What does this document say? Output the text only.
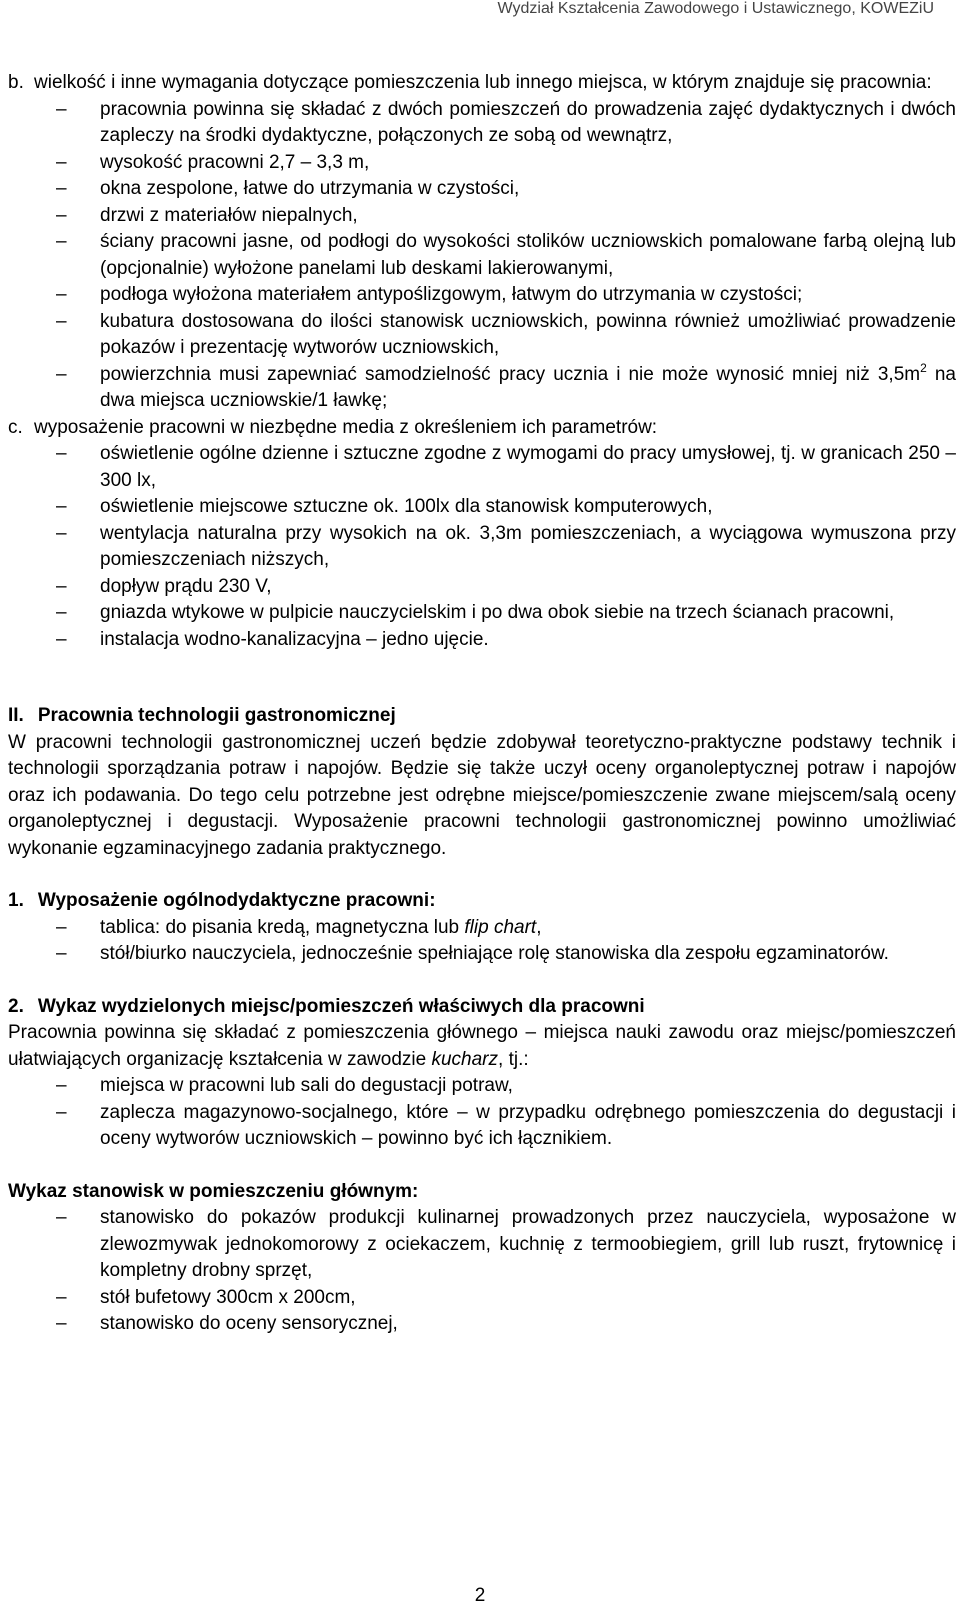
Wydział Kształcenia Zawodowego i Ustawicznego, KOWEZiU
b. wielkość i inne wymagania dotyczące pomieszczenia lub innego miejsca, w którym znajduje się pracownia:
– pracownia powinna się składać z dwóch pomieszczeń do prowadzenia zajęć dydaktycznych i dwóch zapleczy na środki dydaktyczne, połączonych ze sobą od wewnątrz,
– wysokość pracowni 2,7 – 3,3 m,
– okna zespolone, łatwe do utrzymania w czystości,
– drzwi z materiałów niepalnych,
– ściany pracowni jasne, od podłogi do wysokości stolików uczniowskich pomalowane farbą olejną lub (opcjonalnie) wyłożone panelami lub deskami lakierowanymi,
– podłoga wyłożona materiałem antypoślizgowym, łatwym do utrzymania w czystości;
– kubatura dostosowana do ilości stanowisk uczniowskich, powinna również umożliwiać prowadzenie pokazów i prezentację wytworów uczniowskich,
– powierzchnia musi zapewniać samodzielność pracy ucznia i nie może wynosić mniej niż $3,5m^2$ na dwa miejsca uczniowskie/1 ławkę;
c. wyposażenie pracowni w niezbędne media z określeniem ich parametrów:
– oświetlenie ogólne dzienne i sztuczne zgodne z wymogami do pracy umysłowej, tj. w granicach 250 – 300 lx,
– oświetlenie miejscowe sztuczne ok. 100lx dla stanowisk komputerowych,
– wentylacja naturalna przy wysokich na ok. 3,3m pomieszczeniach, a wyciągowa wymuszona przy pomieszczeniach niższych,
– dopływ prądu 230 V,
– gniazda wtykowe w pulpicie nauczycielskim i po dwa obok siebie na trzech ścianach pracowni,
– instalacja wodno-kanalizacyjna – jedno ujęcie.
II. Pracownia technologii gastronomicznej
W pracowni technologii gastronomicznej uczeń będzie zdobywał teoretyczno-praktyczne podstawy technik i technologii sporządzania potraw i napojów. Będzie się także uczył oceny organoleptycznej potraw i napojów oraz ich podawania. Do tego celu potrzebne jest odrębne miejsce/pomieszczenie zwane miejscem/salą oceny organoleptycznej i degustacji. Wyposażenie pracowni technologii gastronomicznej powinno umożliwiać wykonanie egzaminacyjnego zadania praktycznego.
1. Wyposażenie ogólnodydaktyczne pracowni:
– tablica: do pisania kredą, magnetyczna lub flip chart,
– stół/biurko nauczyciela, jednocześnie spełniające rolę stanowiska dla zespołu egzaminatorów.
2. Wykaz wydzielonych miejsc/pomieszczeń właściwych dla pracowni
Pracownia powinna się składać z pomieszczenia głównego – miejsca nauki zawodu oraz miejsc/pomieszczeń ułatwiających organizację kształcenia w zawodzie kucharz, tj.:
– miejsca w pracowni lub sali do degustacji potraw,
– zaplecza magazynowo-socjalnego, które – w przypadku odrębnego pomieszczenia do degustacji i oceny wytworów uczniowskich – powinno być ich łącznikiem.
Wykaz stanowisk w pomieszczeniu głównym:
– stanowisko do pokazów produkcji kulinarnej prowadzonych przez nauczyciela, wyposażone w zlewozmywak jednokomorowy z ociekaczem, kuchnię z termoobiegiem, grill lub ruszt, frytownicę i kompletny drobny sprzęt,
– stół bufetowy 300cm x 200cm,
– stanowisko do oceny sensorycznej,
2
